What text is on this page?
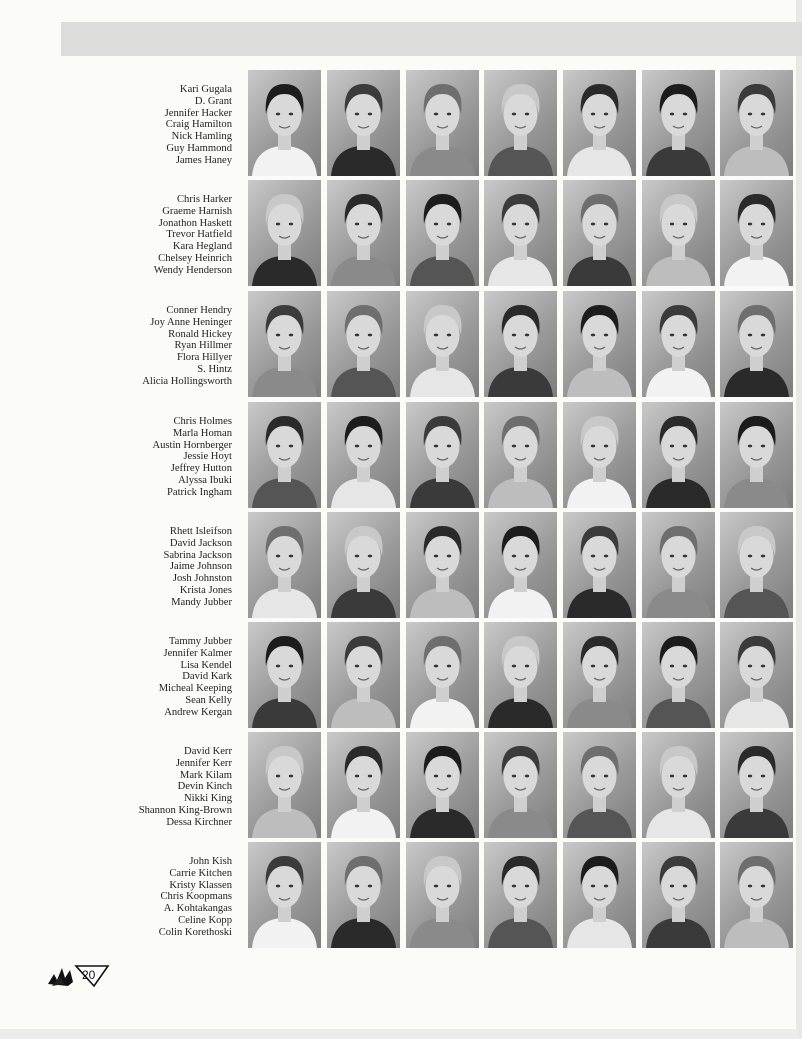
Kari Gugala
D. Grant
Jennifer Hacker
Craig Hamilton
Nick Hamling
Guy Hammond
James Haney
Chris Harker
Graeme Harnish
Jonathon Haskett
Trevor Hatfield
Kara Hegland
Chelsey Heinrich
Wendy Henderson
Conner Hendry
Joy Anne Heninger
Ronald Hickey
Ryan Hillmer
Flora Hillyer
S. Hintz
Alicia Hollingsworth
Chris Holmes
Marla Homan
Austin Hornberger
Jessie Hoyt
Jeffrey Hutton
Alyssa Ibuki
Patrick Ingham
Rhett Isleifson
David Jackson
Sabrina Jackson
Jaime Johnson
Josh Johnston
Krista Jones
Mandy Jubber
Tammy Jubber
Jennifer Kalmer
Lisa Kendel
David Kark
Micheal Keeping
Sean Kelly
Andrew Kergan
David Kerr
Jennifer Kerr
Mark Kilam
Devin Kinch
Nikki King
Shannon King-Brown
Dessa Kirchner
John Kish
Carrie Kitchen
Kristy Klassen
Chris Koopmans
A. Kohtakangas
Celine Kopp
Colin Korethoski
20
